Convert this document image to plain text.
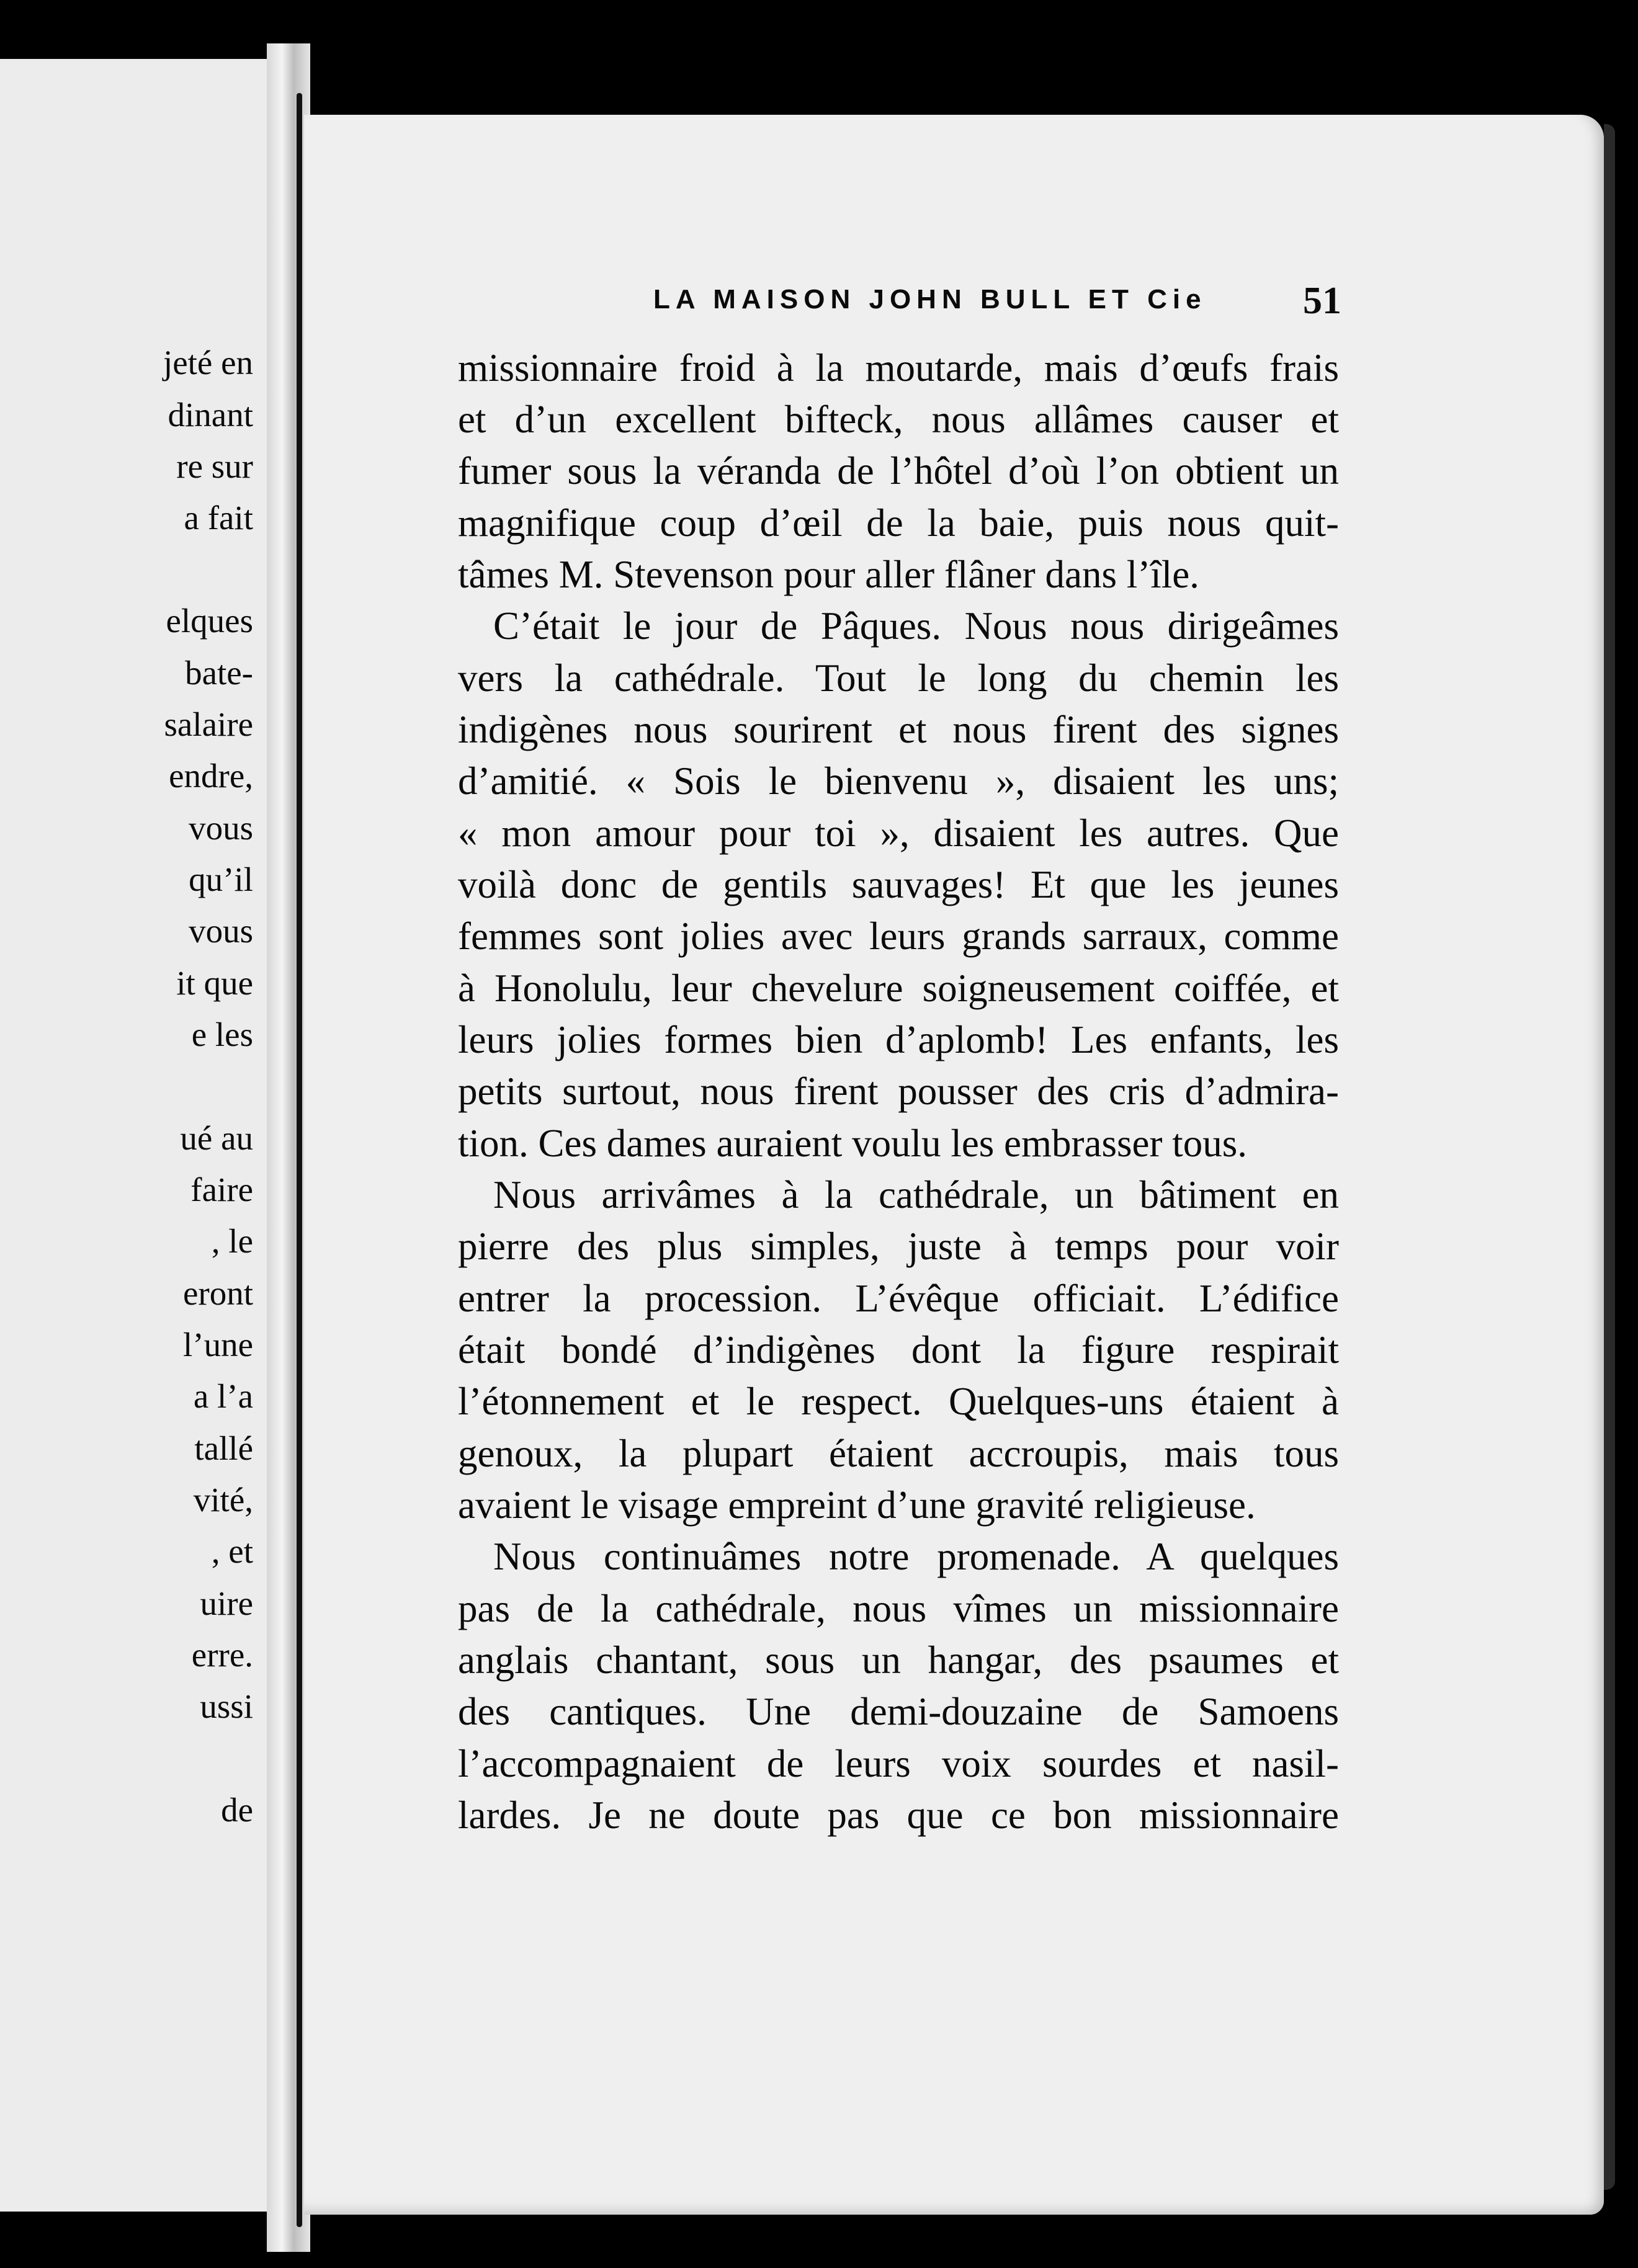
jeté en
dinant
re sur
a fait
elques
bate-
salaire
endre,
vous
qu’il
vous
it que
e les
ué au
faire
, le
eront
l’une
a l’a
tallé
vité,
, et
uire
erre.
ussi
de
LA MAISON JOHN BULL ET Cie	51
missionnaire froid à la moutarde, mais d’œufs frais
et d’un excellent bifteck, nous allâmes causer et
fumer sous la véranda de l’hôtel d’où l’on obtient un
magnifique coup d’œil de la baie, puis nous quit-
tâmes M. Stevenson pour aller flâner dans l’île.
C’était le jour de Pâques. Nous nous dirigeâmes
vers la cathédrale. Tout le long du chemin les
indigènes nous sourirent et nous firent des signes
d’amitié. « Sois le bienvenu », disaient les uns;
« mon amour pour toi », disaient les autres. Que
voilà donc de gentils sauvages! Et que les jeunes
femmes sont jolies avec leurs grands sarraux, comme
à Honolulu, leur chevelure soigneusement coiffée, et
leurs jolies formes bien d’aplomb! Les enfants, les
petits surtout, nous firent pousser des cris d’admira-
tion. Ces dames auraient voulu les embrasser tous.
Nous arrivâmes à la cathédrale, un bâtiment en
pierre des plus simples, juste à temps pour voir
entrer la procession. L’évêque officiait. L’édifice
était bondé d’indigènes dont la figure respirait
l’étonnement et le respect. Quelques-uns étaient à
genoux, la plupart étaient accroupis, mais tous
avaient le visage empreint d’une gravité religieuse.
Nous continuâmes notre promenade. A quelques
pas de la cathédrale, nous vîmes un missionnaire
anglais chantant, sous un hangar, des psaumes et
des cantiques. Une demi-douzaine de Samoens
l’accompagnaient de leurs voix sourdes et nasil-
lardes. Je ne doute pas que ce bon missionnaire
